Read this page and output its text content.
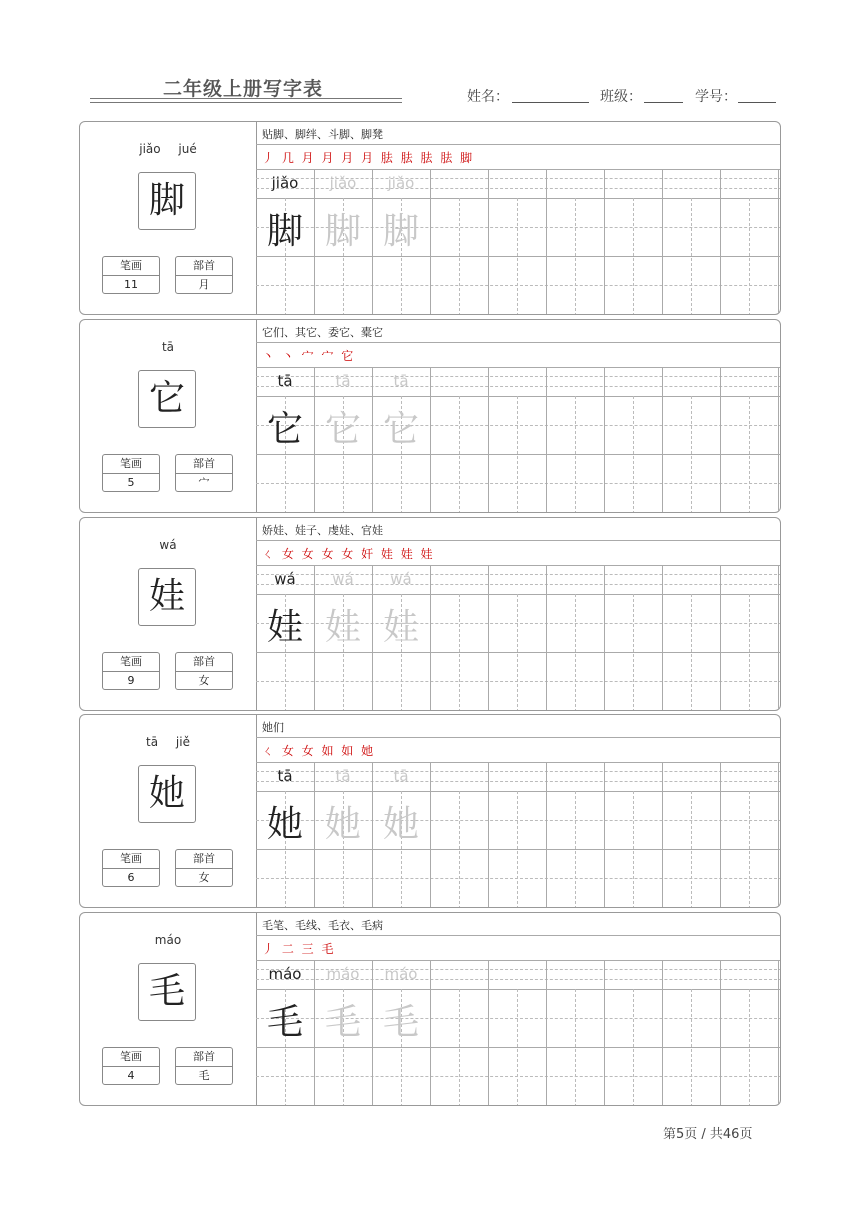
二年级上册写字表	姓名：	班级：	学号：
jiǎo jué
脚
笔画
11
部首
月
贴脚、脚绊、斗脚、脚凳
丿 几 月 月 月 月 胠 胠 胠 胠 脚
jiǎo
脚
jiǎo
脚
jiǎo
脚
tā
它
笔画
5
部首
宀
它们、其它、委它、橐它
丶 丶 宀 宀 它
tā
它
tā
它
tā
它
wá
娃
笔画
9
部首
女
娇娃、娃子、虔娃、官娃
ㄑ 女 女 女 女 奸 娃 娃 娃
wá
娃
wá
娃
wá
娃
tā jiě
她
笔画
6
部首
女
她们
ㄑ 女 女 如 如 她
tā
她
tā
她
tā
她
máo
毛
笔画
4
部首
毛
毛笔、毛线、毛衣、毛病
丿 二 三 毛
máo
毛
máo
毛
máo
毛
第5页 / 共46页
